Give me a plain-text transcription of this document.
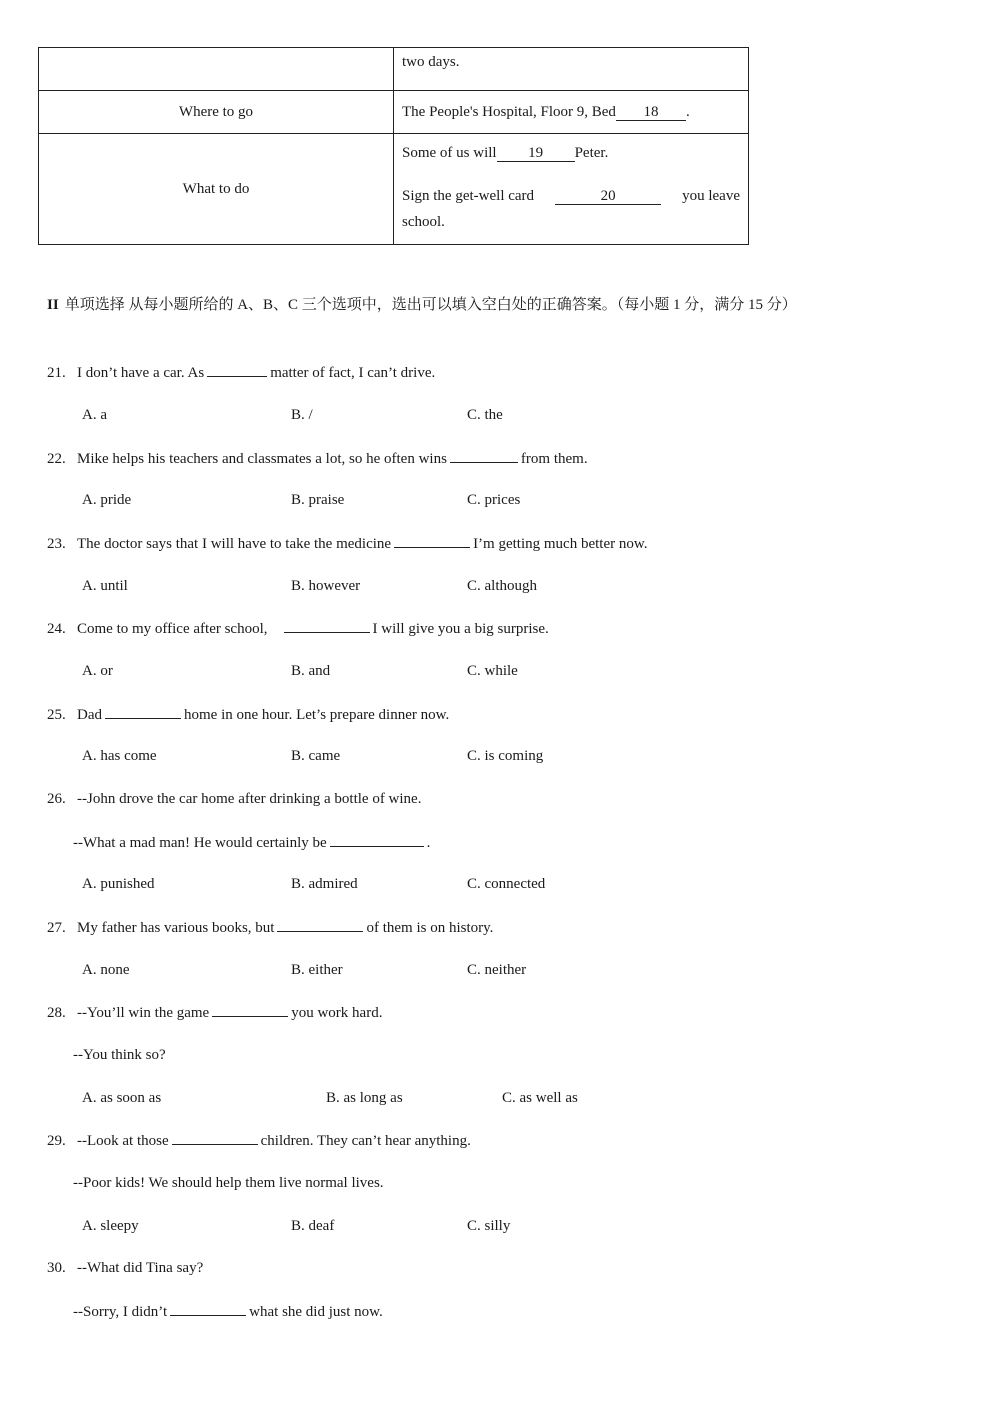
	two days.

Where to go	The People's Hospital, Floor 9, Bed 18 .
What to do	Some of us will 19 Peter.
Sign the get-well card 20 you leave
school.
II 单项选择 从每小题所给的 A、B、C 三个选项中，选出可以填入空白处的正确答案。（每小题 1 分，满分 15 分）
21. I don’t have a car. As	matter of fact, I can’t drive.
A. a	B. /	C. the
22. Mike helps his teachers and classmates a lot, so he often wins	from them.
A. pride	B. praise	C. prices
23. The doctor says that I will have to take the medicine	I’m getting much better now.
A. until	B. however	C. although
24. Come to my office after school,	I will give you a big surprise.
A. or	B. and	C. while
25. Dad	home in one hour. Let’s prepare dinner now.
A. has come	B. came	C. is coming
26. --John drove the car home after drinking a bottle of wine.
--What a mad man! He would certainly be	.
A. punished	B. admired	C. connected
27. My father has various books, but	of them is on history.
A. none	B. either	C. neither
28. --You’ll win the game	you work hard.
--You think so?
A. as soon as	B. as long as	C. as well as
29. --Look at those	children. They can’t hear anything.
--Poor kids! We should help them live normal lives.
A. sleepy	B. deaf	C. silly
30. --What did Tina say?
--Sorry, I didn’t	what she did just now.
